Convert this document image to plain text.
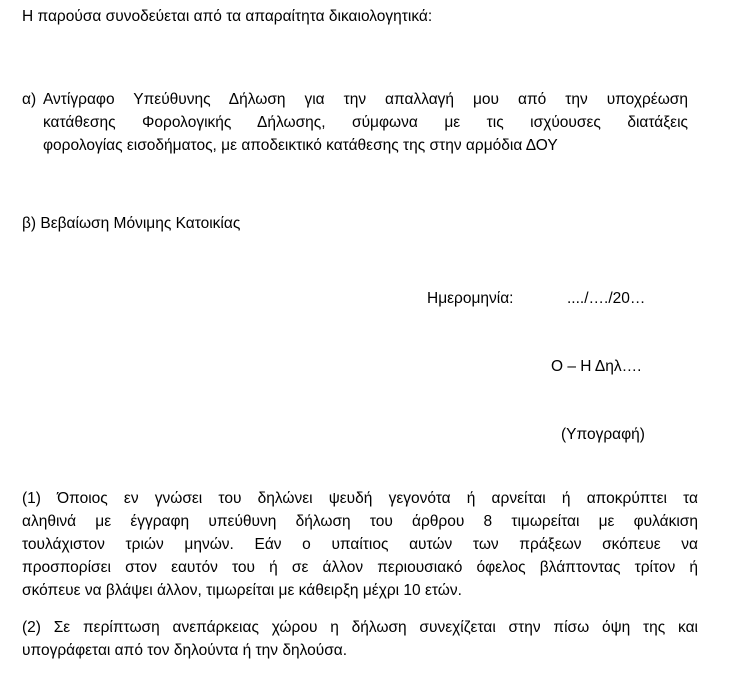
Η παρούσα συνοδεύεται από τα απαραίτητα δικαιολογητικά:
α) Αντίγραφο Υπεύθυνης Δήλωση για την απαλλαγή μου από την υποχρέωση
κατάθεσης Φορολογικής Δήλωσης, σύμφωνα με τις ισχύουσες διατάξεις
φορολογίας εισοδήματος, με αποδεικτικό κατάθεσης της στην αρμόδια ΔΟΥ
β) Βεβαίωση Μόνιμης Κατοικίας
Ημερομηνία:	..../…./20…
Ο – Η Δηλ….
(Υπογραφή)
(1) Όποιος εν γνώσει του δηλώνει ψευδή γεγονότα ή αρνείται ή αποκρύπτει τα
αληθινά με έγγραφη υπεύθυνη δήλωση του άρθρου 8 τιμωρείται με φυλάκιση
τουλάχιστον τριών μηνών. Εάν ο υπαίτιος αυτών των πράξεων σκόπευε να
προσπορίσει στον εαυτόν του ή σε άλλον περιουσιακό όφελος βλάπτοντας τρίτον ή
σκόπευε να βλάψει άλλον, τιμωρείται με κάθειρξη μέχρι 10 ετών.
(2) Σε περίπτωση ανεπάρκειας χώρου η δήλωση συνεχίζεται στην πίσω όψη της και
υπογράφεται από τον δηλούντα ή την δηλούσα.
